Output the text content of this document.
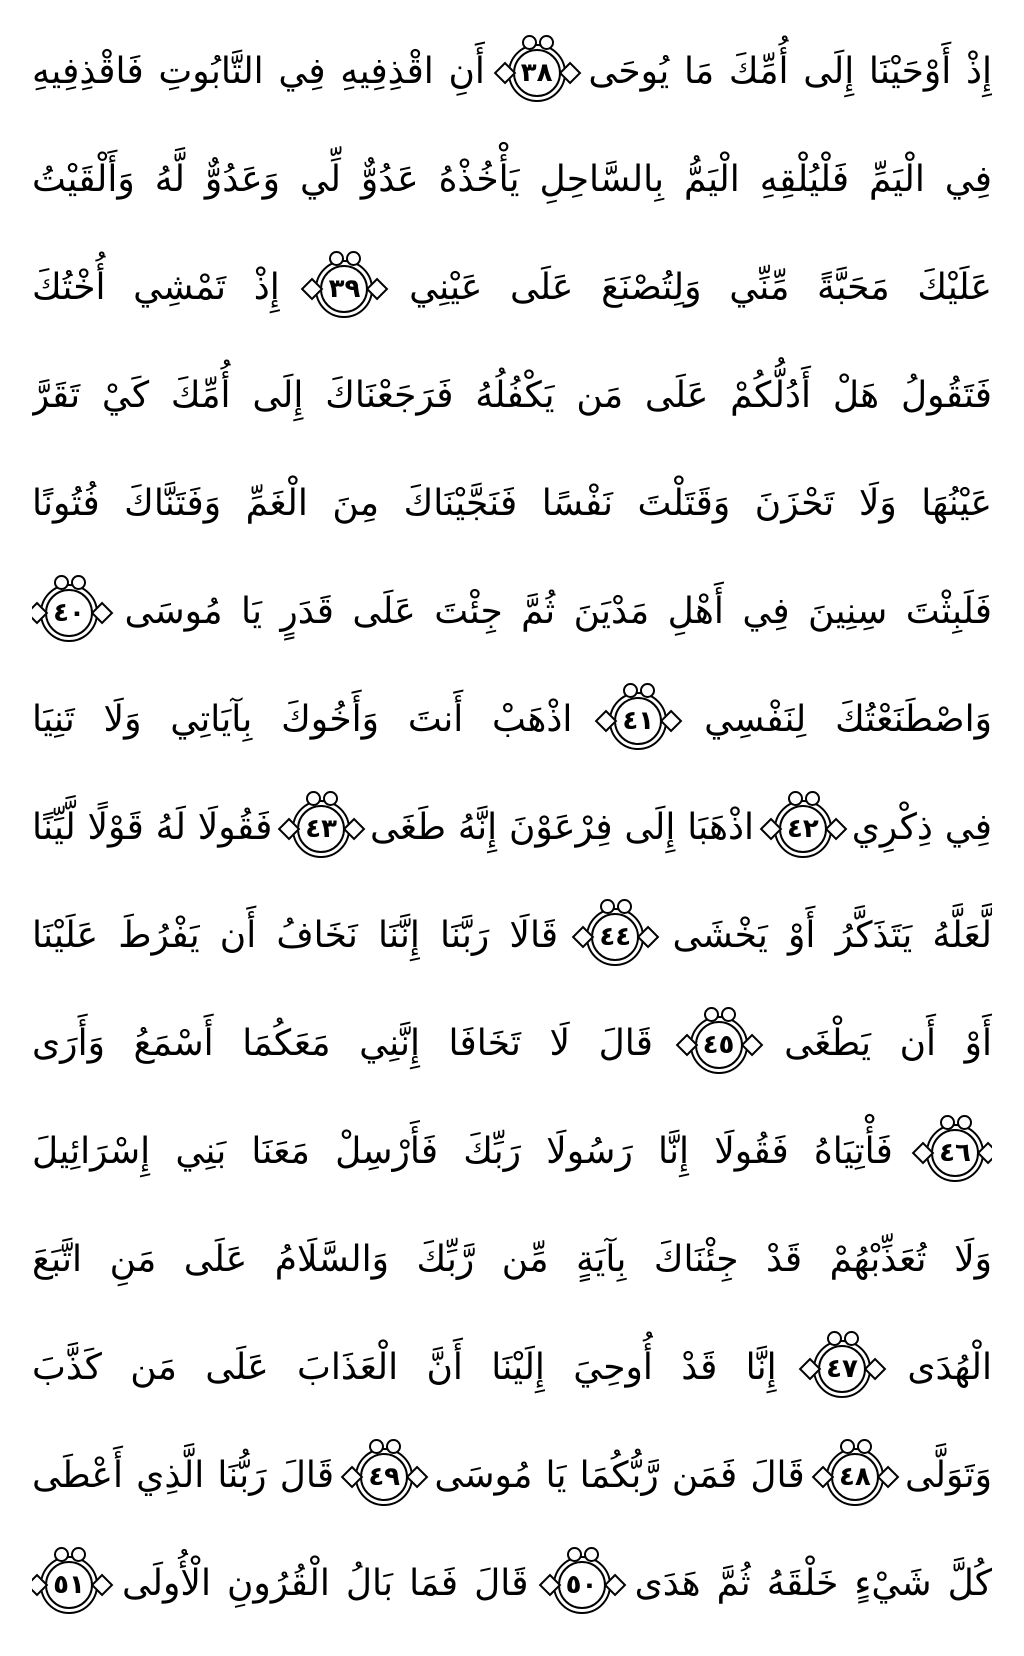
إِذْ أَوْحَيْنَا إِلَى أُمِّكَ مَا يُوحَى
٣٨
أَنِ اقْذِفِيهِ فِي التَّابُوتِ فَاقْذِفِيهِ
فِي الْيَمِّ فَلْيُلْقِهِ الْيَمُّ بِالسَّاحِلِ يَأْخُذْهُ عَدُوٌّ لِّي وَعَدُوٌّ لَّهُ وَأَلْقَيْتُ
عَلَيْكَ مَحَبَّةً مِّنِّي وَلِتُصْنَعَ عَلَى عَيْنِي
٣٩
إِذْ تَمْشِي أُخْتُكَ
فَتَقُولُ هَلْ أَدُلُّكُمْ عَلَى مَن يَكْفُلُهُ فَرَجَعْنَاكَ إِلَى أُمِّكَ كَيْ تَقَرَّ
عَيْنُهَا وَلَا تَحْزَنَ وَقَتَلْتَ نَفْسًا فَنَجَّيْنَاكَ مِنَ الْغَمِّ وَفَتَنَّاكَ فُتُونًا
فَلَبِثْتَ سِنِينَ فِي أَهْلِ مَدْيَنَ ثُمَّ جِئْتَ عَلَى قَدَرٍ يَا مُوسَى
٤٠
وَاصْطَنَعْتُكَ لِنَفْسِي
٤١
اذْهَبْ أَنتَ وَأَخُوكَ بِآيَاتِي وَلَا تَنِيَا
فِي ذِكْرِي
٤٢
اذْهَبَا إِلَى فِرْعَوْنَ إِنَّهُ طَغَى
٤٣
فَقُولَا لَهُ قَوْلًا لَّيِّنًا
لَّعَلَّهُ يَتَذَكَّرُ أَوْ يَخْشَى
٤٤
قَالَا رَبَّنَا إِنَّنَا نَخَافُ أَن يَفْرُطَ عَلَيْنَا
أَوْ أَن يَطْغَى
٤٥
قَالَ لَا تَخَافَا إِنَّنِي مَعَكُمَا أَسْمَعُ وَأَرَى
٤٦
فَأْتِيَاهُ فَقُولَا إِنَّا رَسُولَا رَبِّكَ فَأَرْسِلْ مَعَنَا بَنِي إِسْرَائِيلَ
وَلَا تُعَذِّبْهُمْ قَدْ جِئْنَاكَ بِآيَةٍ مِّن رَّبِّكَ وَالسَّلَامُ عَلَى مَنِ اتَّبَعَ
الْهُدَى
٤٧
إِنَّا قَدْ أُوحِيَ إِلَيْنَا أَنَّ الْعَذَابَ عَلَى مَن كَذَّبَ
وَتَوَلَّى
٤٨
قَالَ فَمَن رَّبُّكُمَا يَا مُوسَى
٤٩
قَالَ رَبُّنَا الَّذِي أَعْطَى
كُلَّ شَيْءٍ خَلْقَهُ ثُمَّ هَدَى
٥٠
قَالَ فَمَا بَالُ الْقُرُونِ الْأُولَى
٥١
